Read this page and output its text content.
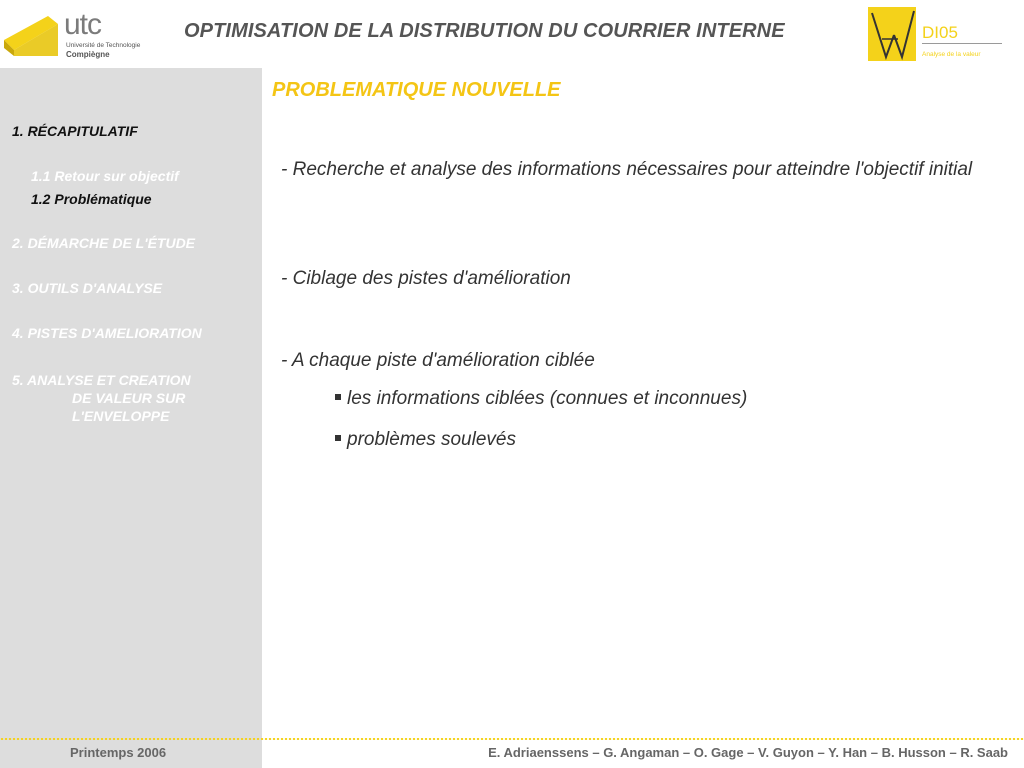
utc
Université de Technologie
Compiègne
OPTIMISATION DE LA DISTRIBUTION DU COURRIER INTERNE	DI05
Analyse de la valeur
1. RÉCAPITULATIF
1.1 Retour sur objectif
1.2 Problématique
2. DÉMARCHE DE L'ÉTUDE
3. OUTILS D'ANALYSE
4. PISTES D'AMELIORATION
5. ANALYSE ET CREATION
DE VALEUR SUR
L'ENVELOPPE
PROBLEMATIQUE NOUVELLE
- Recherche et analyse des informations nécessaires pour atteindre l'objectif initial
- Ciblage des pistes d'amélioration
- A chaque piste d'amélioration ciblée
les informations ciblées (connues et inconnues)
problèmes soulevés
Printemps 2006	E. Adriaenssens – G. Angaman – O. Gage – V. Guyon – Y. Han – B. Husson – R. Saab
